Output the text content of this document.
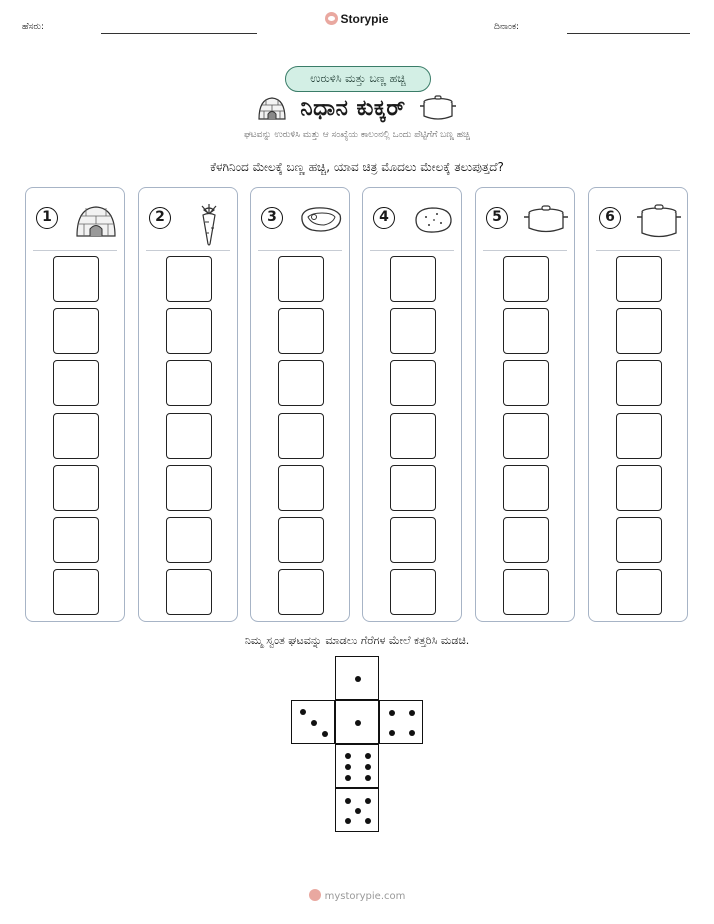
ಹೆಸರು:
Storypie
ದಿನಾಂಕ:
ಉರುಳಿಸಿ ಮತ್ತು ಬಣ್ಣ ಹಚ್ಚಿ
ನಿಧಾನ ಕುಕ್ಕರ್
ಘಟವನ್ನು ಉರುಳಿಸಿ ಮತ್ತು ಆ ಸಂಖ್ಯೆಯ ಕಾಲಂನಲ್ಲಿ ಒಂದು ಪೆಟ್ಟಿಗೆಗೆ ಬಣ್ಣ ಹಚ್ಚಿ
ಕೆಳಗಿನಿಂದ ಮೇಲಕ್ಕೆ ಬಣ್ಣ ಹಚ್ಚಿ, ಯಾವ ಚಿತ್ರ ಮೊದಲು ಮೇಲಕ್ಕೆ ತಲುಪುತ್ತದೆ?
1	2	3	4	5	6
ನಿಮ್ಮ ಸ್ವಂತ ಘಟವನ್ನು ಮಾಡಲು ಗೆರೆಗಳ ಮೇಲೆ ಕತ್ತರಿಸಿ ಮಡಚಿ.
mystorypie.com
